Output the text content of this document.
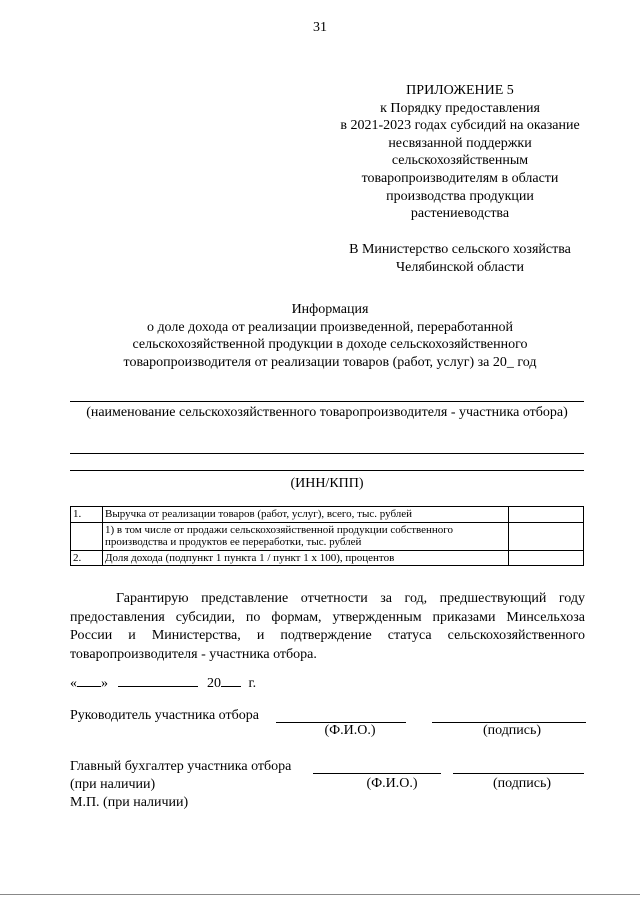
31
ПРИЛОЖЕНИЕ 5
к Порядку предоставления
в 2021-2023 годах субсидий на оказание
несвязанной поддержки
сельскохозяйственным
товаропроизводителям в области
производства продукции
растениеводства
В Министерство сельского хозяйства
Челябинской области
Информация
о доле дохода от реализации произведенной, переработанной
сельскохозяйственной продукции в доходе сельскохозяйственного
товаропроизводителя от реализации товаров (работ, услуг) за 20_ год
(наименование сельскохозяйственного товаропроизводителя - участника отбора)
(ИНН/КПП)
1.	Выручка от реализации товаров (работ, услуг), всего, тыс. рублей	
	1) в том числе от продажи сельскохозяйственной продукции собственного производства и продуктов ее переработки, тыс. рублей	
2.	Доля дохода (подпункт 1 пункта 1 / пункт 1 х 100), процентов	
Гарантирую представление отчетности за год, предшествующий году предоставления субсидии, по формам, утвержденным приказами Минсельхоза России и Министерства, и подтверждение статуса сельскохозяйственного товаропроизводителя - участника отбора.
« »	20 г.
Руководитель участника отбора
(Ф.И.О.)	(подпись)
Главный бухгалтер участника отбора
(при наличии)	(Ф.И.О.)	(подпись)
М.П. (при наличии)
